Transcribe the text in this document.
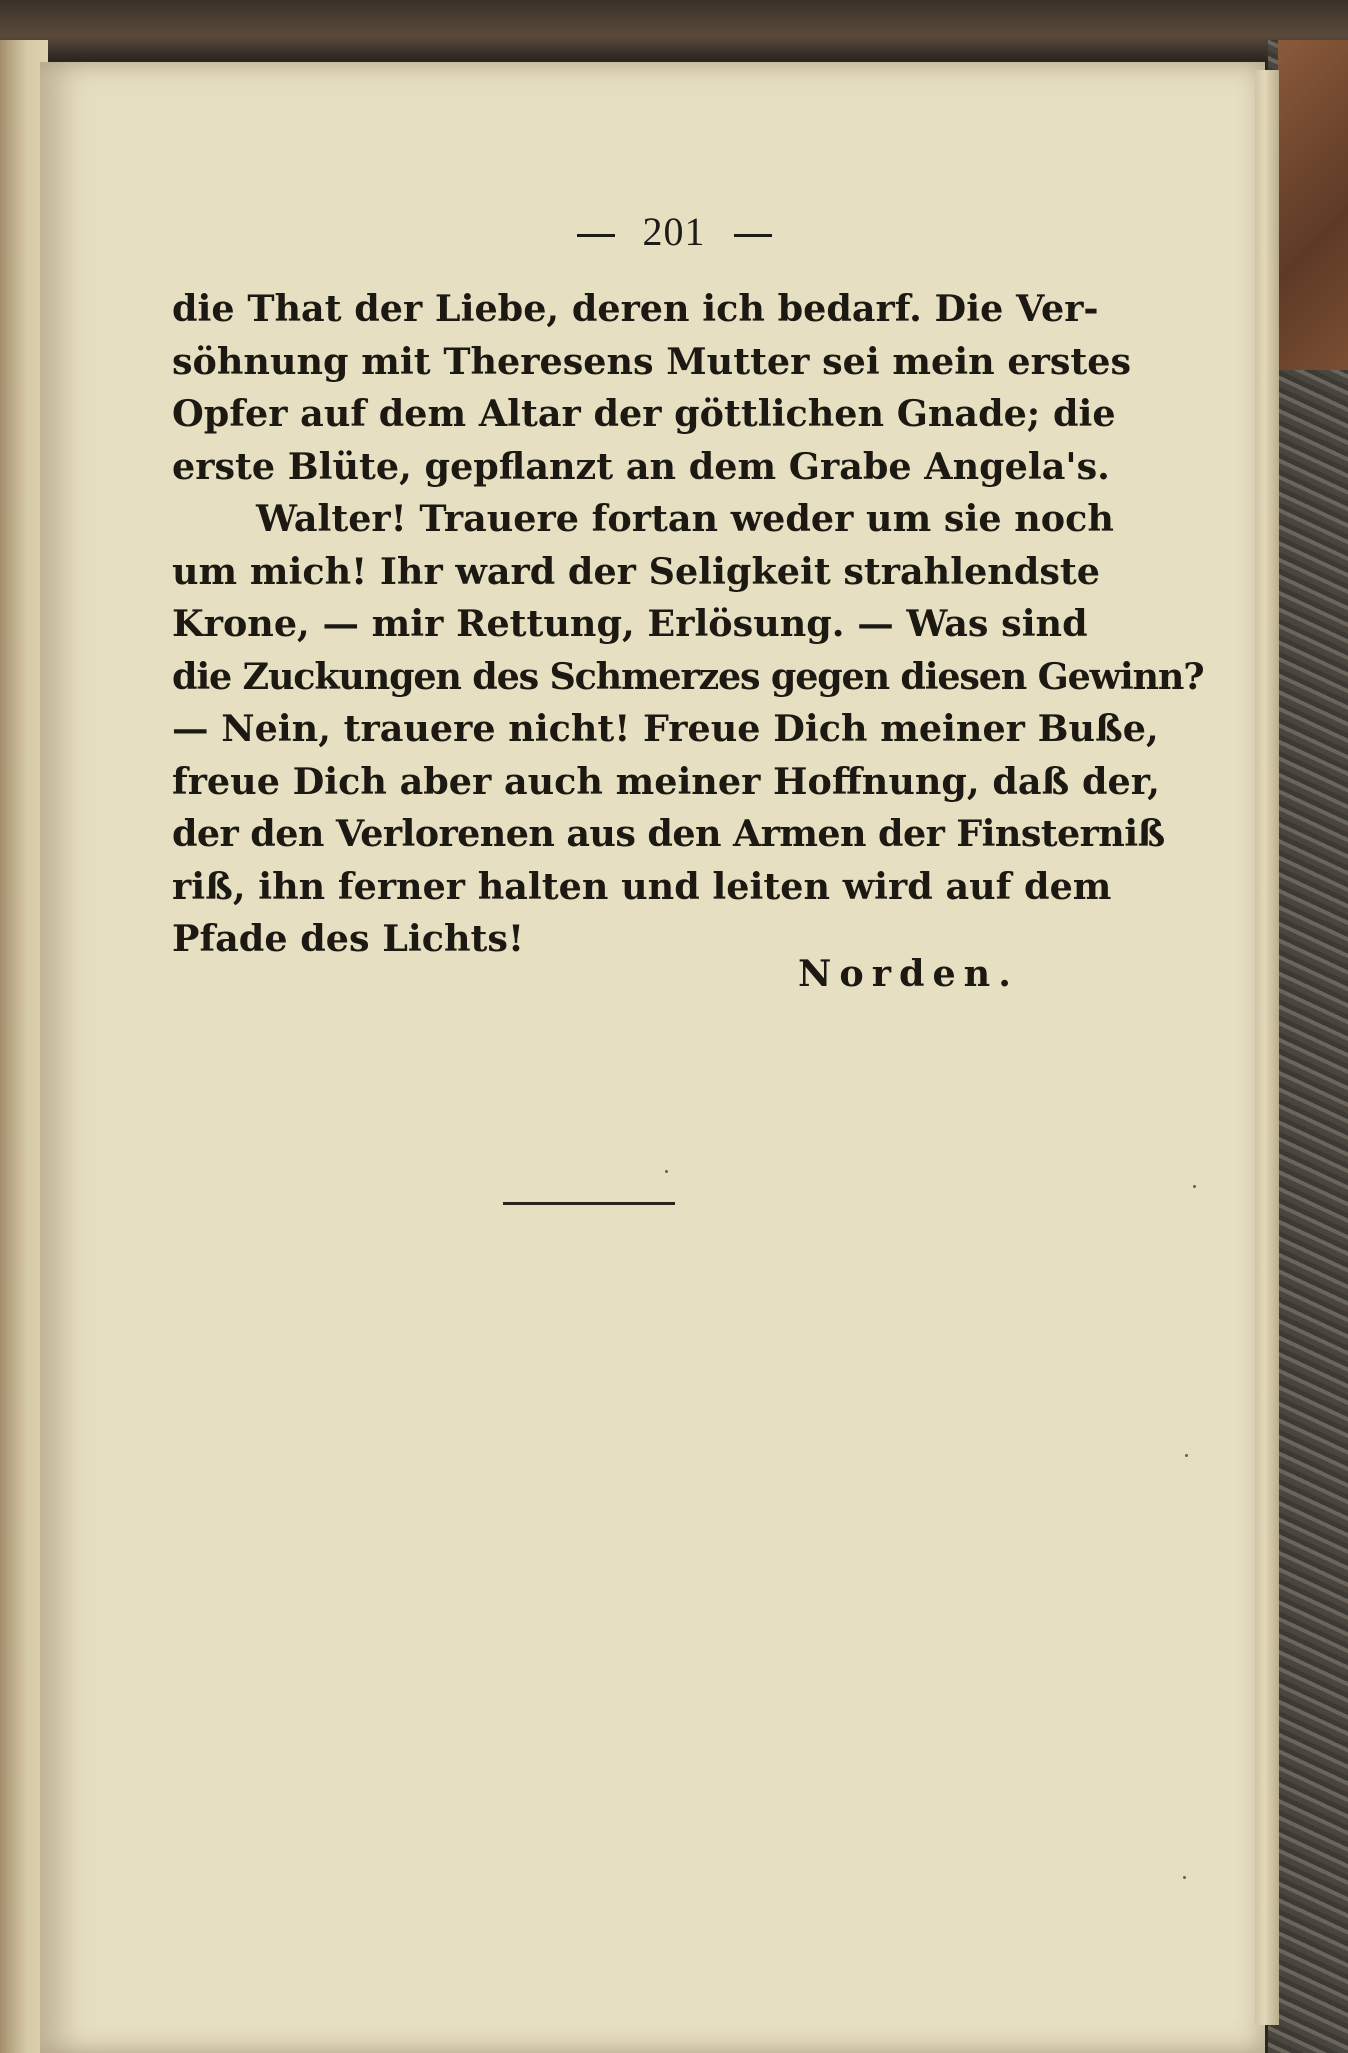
201
die That der Liebe, deren ich bedarf. Die Ver-
söhnung mit Theresens Mutter sei mein erstes
Opfer auf dem Altar der göttlichen Gnade; die
erste Blüte, gepflanzt an dem Grabe Angela's.
Walter! Trauere fortan weder um sie noch
um mich! Ihr ward der Seligkeit strahlendste
Krone, — mir Rettung, Erlösung. — Was sind
die Zuckungen des Schmerzes gegen diesen Gewinn?
— Nein, trauere nicht! Freue Dich meiner Buße,
freue Dich aber auch meiner Hoffnung, daß der,
der den Verlorenen aus den Armen der Finsterniß
riß, ihn ferner halten und leiten wird auf dem
Pfade des Lichts!
Norden.
